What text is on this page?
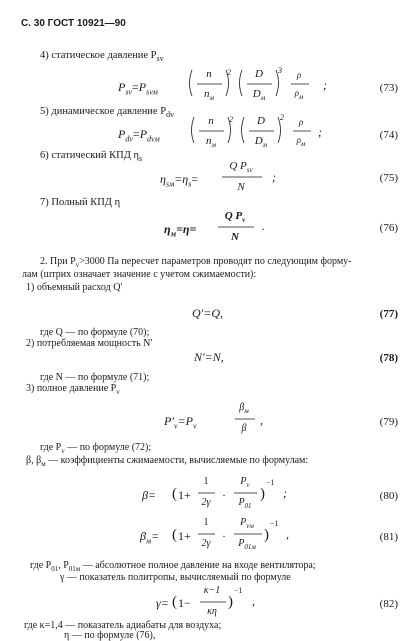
С. 30 ГОСТ 10921—90
4) статическое давление $P_{sv}$
$P_{sv}=P_{svм}$
n
$n_м$
2	D
$D_м$
3	ρ
$\rho_м$
;	(73)
5) динамическое давление $P_{dv}$
$P_{dv}=P_{dvм}$
n
$n_м$
2	D
$D_м$
2	ρ
$\rho_м$
;	(74)
6) статический КПД $\eta_s$
$\eta_{sм}=\eta_s=$
Q $P_{sv}$
N
;	(75)
7) Полный КПД η
$\eta_м=\eta=$
Q $P_v$
N
.	(76)
2. При $P_v>3000$ Па пересчет параметров проводят по следующим форму-
лам (штрих означает значение с учетом сжимаемости):
1) объемный расход Q′
Q′=Q,	(77)
где Q — по формуле (70);
2) потребляемая мощность N′
N′=N,	(78)
где N — по формуле (71);
3) полное давление $P_v$
$P'_v=P_v$
$\beta_м$
β
,	(79)
где $P_v$ — по формуле (72);
β, $\beta_м$ — коэффициенты сжимаемости, вычисляемые по формулам:
β= ( 1+
1
2γ
·
$P_v$
$P_{01}$
)
−1
;	(80)
$\beta_м=$ ( 1+
1
2γ
·
$P_{vм}$
$P_{01м}$
)
−1
,	(81)
где $P_{01}$, $P_{01м}$ — абсолютное полное давление на входе вентилятора;
γ — показатель политропы, вычисляемый по формуле
γ= ( 1−
κ−1
κη
)
−1
,	(82)
где κ=1,4 — показатель адиабаты для воздуха;
η — по формуле (76),
